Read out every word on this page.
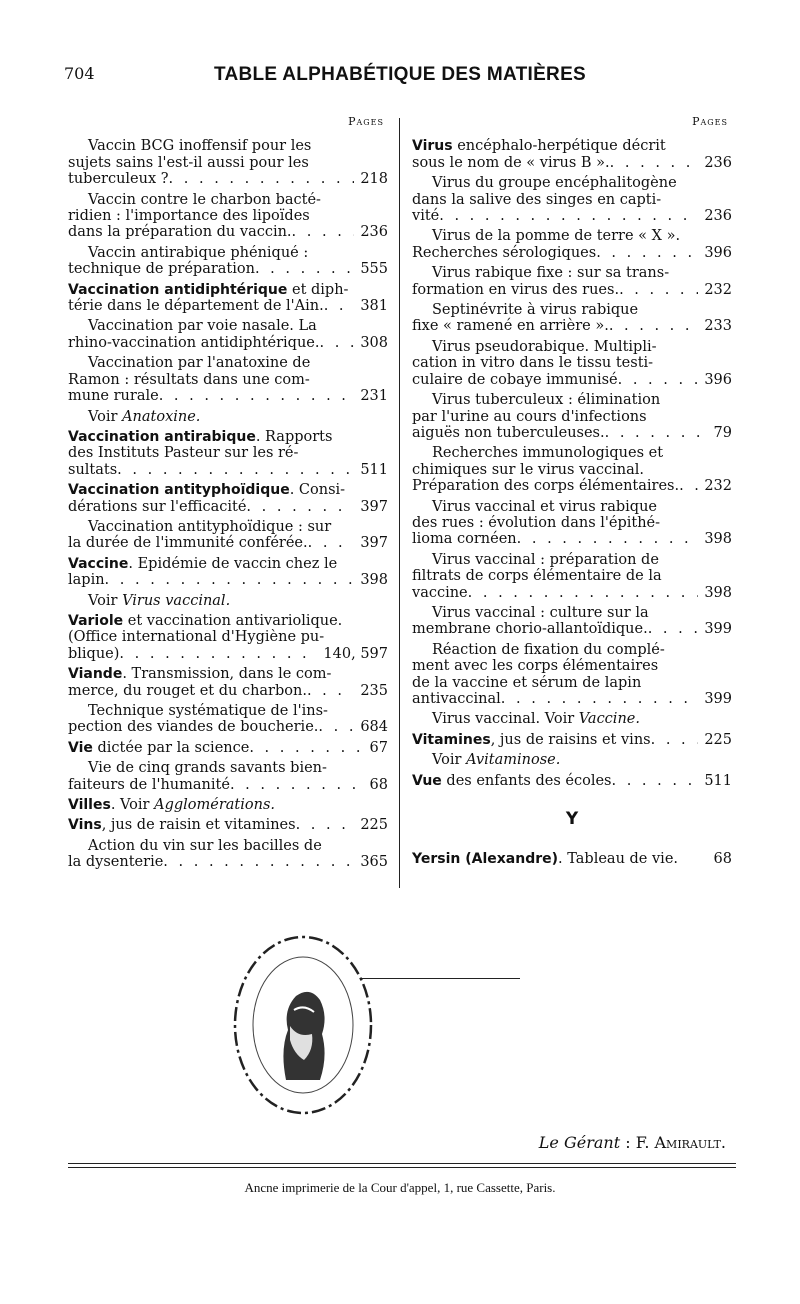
704	TABLE ALPHABÉTIQUE DES MATIÈRES
Pages
Vaccin BCG inoffensif pour les
sujets sains l'est-il aussi pour les
tuberculeux ? . . .	218
Vaccin contre le charbon bacté-
ridien : l'importance des lipoïdes
dans la préparation du vaccin. . . .	236
Vaccin antirabique phéniqué :
technique de préparation . . .	555
Vaccination antidiphtérique et diph-
térie dans le département de l'Ain. . . .	381
Vaccination par voie nasale. La
rhino-vaccination antidiphtérique. . . .	308
Vaccination par l'anatoxine de
Ramon : résultats dans une com-
mune rurale . . .	231
Voir Anatoxine.
Vaccination antirabique. Rapports
des Instituts Pasteur sur les ré-
sultats . . .	511
Vaccination antityphoïdique. Consi-
dérations sur l'efficacité . . .	397
Vaccination antityphoïdique : sur
la durée de l'immunité conférée. . . .	397
Vaccine. Épidémie de vaccin chez le
lapin . . .	398
Voir Virus vaccinal.
Variole et vaccination antivariolique.
(Office international d'Hygiène pu-
blique) . . .	140, 597
Viande. Transmission, dans le com-
merce, du rouget et du charbon. . . .	235
Technique systématique de l'ins-
pection des viandes de boucherie. . . .	684
Vie dictée par la science . . .	67
Vie de cinq grands savants bien-
faiteurs de l'humanité . . .	68
Villes. Voir Agglomérations.
Vins, jus de raisin et vitamines . . .	225
Action du vin sur les bacilles de
la dysenterie . . .	365
Pages
Virus encéphalo-herpétique décrit
sous le nom de « virus B ». . . .	236
Virus du groupe encéphalitogène
dans la salive des singes en capti-
vité . . .	236
Virus de la pomme de terre « X ».
Recherches sérologiques . . .	396
Virus rabique fixe : sur sa trans-
formation en virus des rues. . . .	232
Septinévrite à virus rabique
fixe « ramené en arrière ». . . .	233
Virus pseudorabique. Multipli-
cation in vitro dans le tissu testi-
culaire de cobaye immunisé . . .	396
Virus tuberculeux : élimination
par l'urine au cours d'infections
aiguës non tuberculeuses. . . .	79
Recherches immunologiques et
chimiques sur le virus vaccinal.
Préparation des corps élémentaires. . . .	232
Virus vaccinal et virus rabique
des rues : évolution dans l'épithé-
lioma cornéen . . .	398
Virus vaccinal : préparation de
filtrats de corps élémentaire de la
vaccine . . .	398
Virus vaccinal : culture sur la
membrane chorio-allantoïdique. . . .	399
Réaction de fixation du complé-
ment avec les corps élémentaires
de la vaccine et sérum de lapin
antivaccinal . . .	399
Virus vaccinal. Voir Vaccine.
Vitamines, jus de raisins et vins . . .	225
Voir Avitaminose.
Vue des enfants des écoles . . .	511
Y
Yersin (Alexandre). Tableau de vie.	68
Le Gérant : F. Amirault.
Ancne imprimerie de la Cour d'appel, 1, rue Cassette, Paris.
